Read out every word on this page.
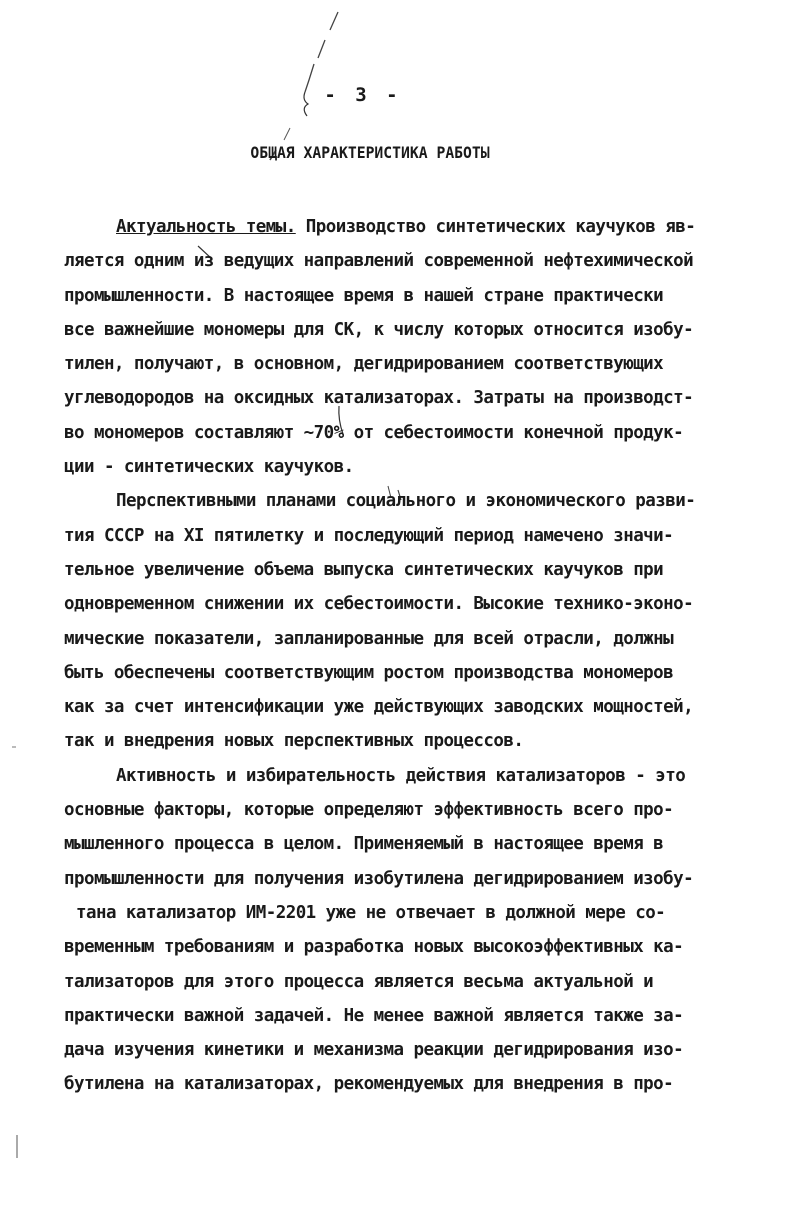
- 3 -
ОБЩАЯ ХАРАКТЕРИСТИКА РАБОТЫ
Актуальность темы. Производство синтетических каучуков яв-
ляется одним из ведущих направлений современной нефтехимической
промышленности. В настоящее время в нашей стране практически
все важнейшие мономеры для СК, к числу которых относится изобу-
тилен, получают, в основном, дегидрированием соответствующих
углеводородов на оксидных катализаторах. Затраты на производст-
во мономеров составляют ~70% от себестоимости конечной продук-
ции - синтетических каучуков.
Перспективными планами социального и экономического разви-
тия СССР на XI пятилетку и последующий период намечено значи-
тельное увеличение объема выпуска синтетических каучуков при
одновременном снижении их себестоимости. Высокие технико-эконо-
мические показатели, запланированные для всей отрасли, должны
быть обеспечены соответствующим ростом производства мономеров
как за счет интенсификации уже действующих заводских мощностей,
так и внедрения новых перспективных процессов.
Активность и избирательность действия катализаторов - это
основные факторы, которые определяют эффективность всего про-
мышленного процесса в целом. Применяемый в настоящее время в
промышленности для получения изобутилена дегидрированием изобу-
тана катализатор ИМ-2201 уже не отвечает в должной мере со-
временным требованиям и разработка новых высокоэффективных ка-
тализаторов для этого процесса является весьма актуальной и
практически важной задачей. Не менее важной является также за-
дача изучения кинетики и механизма реакции дегидрирования изо-
бутилена на катализаторах, рекомендуемых для внедрения в про-
